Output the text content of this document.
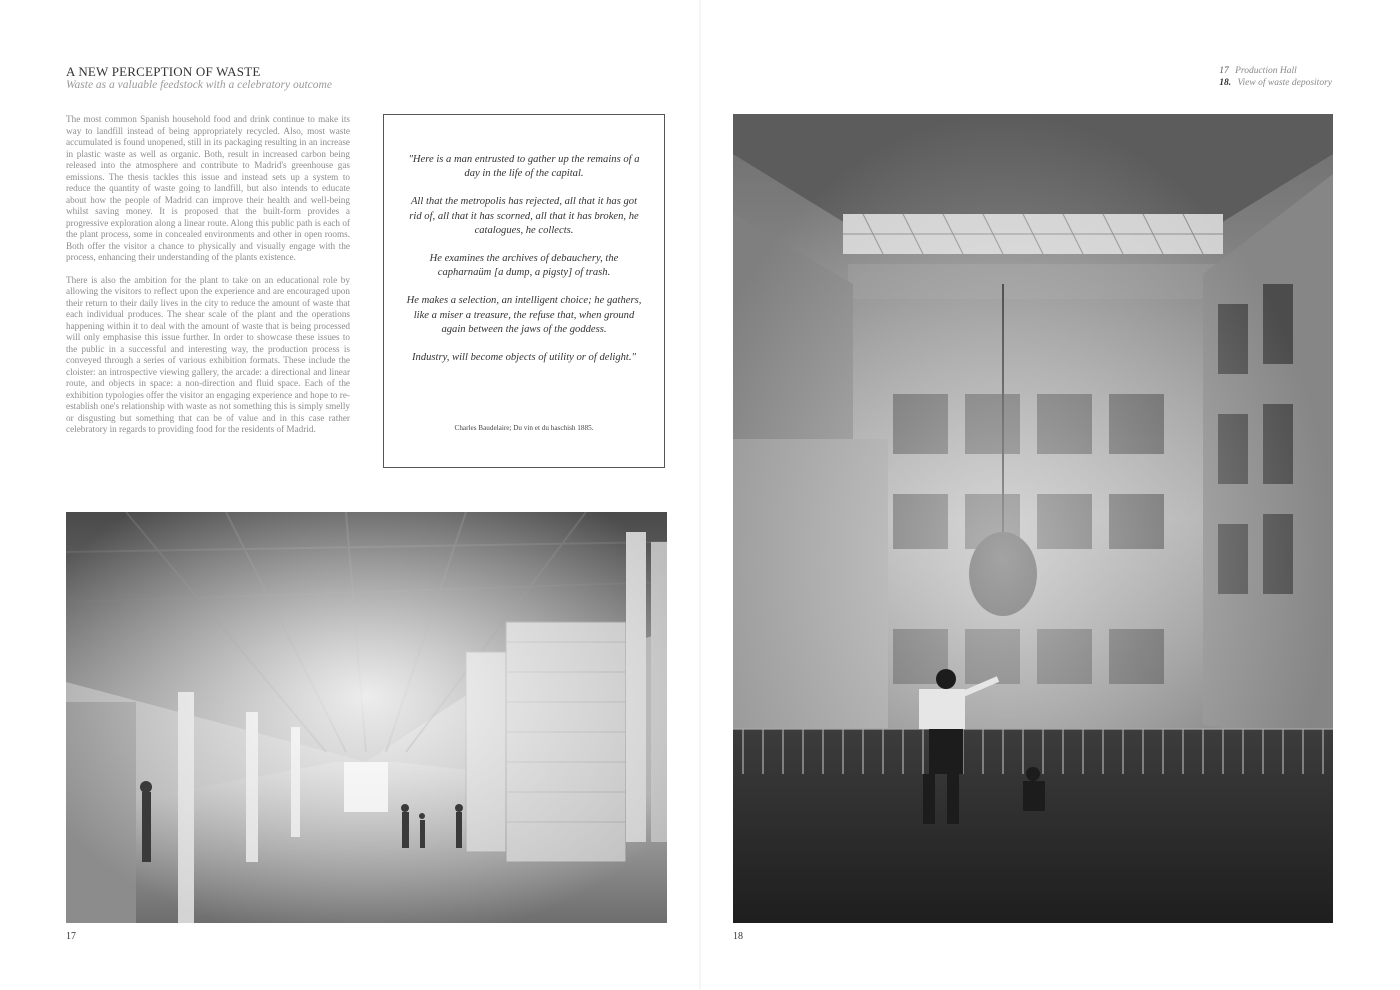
A NEW PERCEPTION OF WASTE
Waste as a valuable feedstock with a celebratory outcome

The most common Spanish household food and drink continue to make its way to landfill instead of being appropriately recycled. Also, most waste accumulated is found unopened, still in its packaging resulting in an increase in plastic waste as well as organic. Both, result in increased carbon being released into the atmosphere and contribute to Madrid's greenhouse gas emissions. The thesis tackles this issue and instead sets up a system to reduce the quantity of waste going to landfill, but also intends to educate about how the people of Madrid can improve their health and well-being whilst saving money. It is proposed that the built-form provides a progressive exploration along a linear route. Along this public path is each of the plant process, some in concealed environments and other in open rooms. Both offer the visitor a chance to physically and visually engage with the process, enhancing their understanding of the plants existence.

There is also the ambition for the plant to take on an educational role by allowing the visitors to reflect upon the experience and are encouraged upon their return to their daily lives in the city to reduce the amount of waste that each individual produces. The shear scale of the plant and the operations happening within it to deal with the amount of waste that is being processed will only emphasise this issue further. In order to showcase these issues to the public in a successful and interesting way, the production process is conveyed through a series of various exhibition formats. These include the cloister: an introspective viewing gallery, the arcade: a directional and linear route, and objects in space: a non-direction and fluid space. Each of the exhibition typologies offer the visitor an engaging experience and hope to re-establish one's relationship with waste as not something this is simply smelly or disgusting but something that can be of value and in this case rather celebratory in regards to providing food for the residents of Madrid.

"Here is a man entrusted to gather up the remains of a day in the life of the capital.

All that the metropolis has rejected, all that it has got rid of, all that it has scorned, all that it has broken, he catalogues, he collects.

He examines the archives of debauchery, the capharnaüm [a dump, a pigsty] of trash.

He makes a selection, an intelligent choice; he gathers, like a miser a treasure, the refuse that, when ground again between the jaws of the goddess.

Industry, will become objects of utility or of delight."

Charles Baudelaire; Du vin et du haschish 1885.
17
17 Production Hall
18. View of waste depository
18
